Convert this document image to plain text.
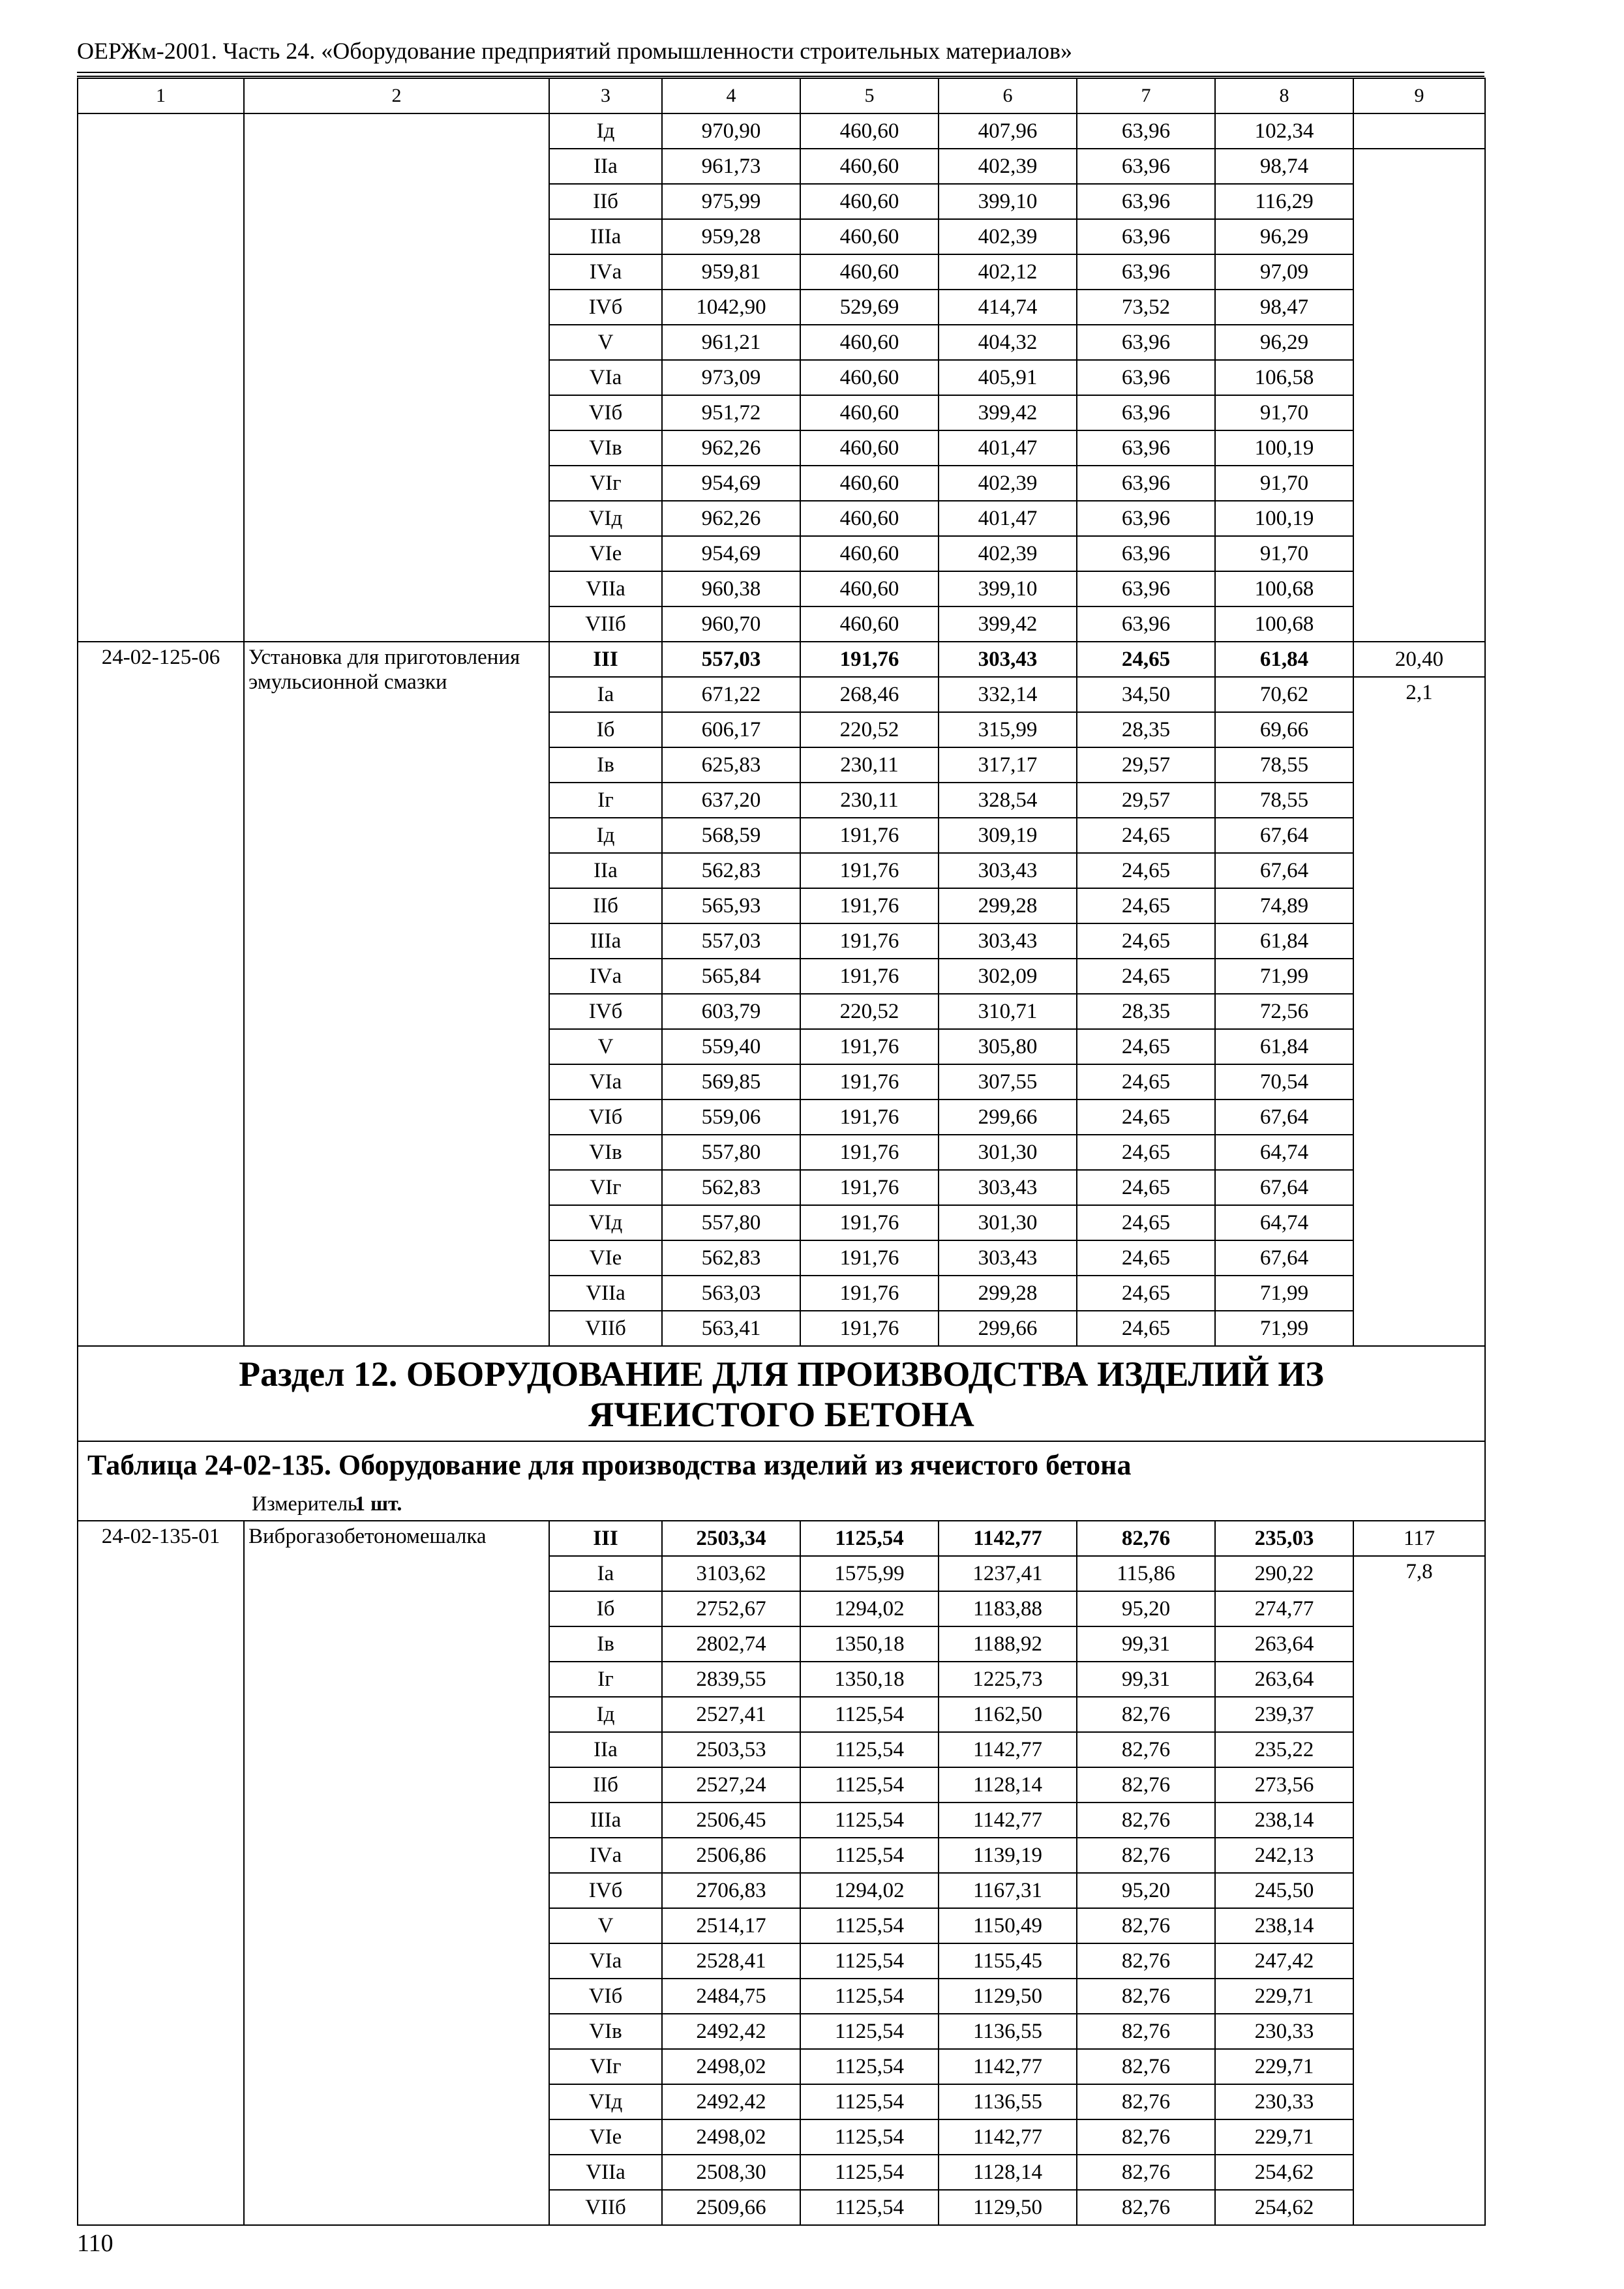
ОЕРЖм-2001. Часть 24. «Оборудование предприятий промышленности строительных материалов»
1	2	3	4	5	6	7	8	9
		Iд	970,90	460,60	407,96	63,96	102,34	
		IIа	961,73	460,60	402,39	63,96	98,74	
		IIб	975,99	460,60	399,10	63,96	116,29	
		IIIа	959,28	460,60	402,39	63,96	96,29	
		IVа	959,81	460,60	402,12	63,96	97,09	
		IVб	1042,90	529,69	414,74	73,52	98,47	
		V	961,21	460,60	404,32	63,96	96,29	
		VIа	973,09	460,60	405,91	63,96	106,58	
		VIб	951,72	460,60	399,42	63,96	91,70	
		VIв	962,26	460,60	401,47	63,96	100,19	
		VIг	954,69	460,60	402,39	63,96	91,70	
		VIд	962,26	460,60	401,47	63,96	100,19	
		VIе	954,69	460,60	402,39	63,96	91,70	
		VIIа	960,38	460,60	399,10	63,96	100,68	
		VIIб	960,70	460,60	399,42	63,96	100,68	
24-02-125-06	Установка для приготовления эмульсионной смазки	III	557,03	191,76	303,43	24,65	61,84	20,40
		Iа	671,22	268,46	332,14	34,50	70,62	2,1
		Iб	606,17	220,52	315,99	28,35	69,66	
		Iв	625,83	230,11	317,17	29,57	78,55	
		Iг	637,20	230,11	328,54	29,57	78,55	
		Iд	568,59	191,76	309,19	24,65	67,64	
		IIа	562,83	191,76	303,43	24,65	67,64	
		IIб	565,93	191,76	299,28	24,65	74,89	
		IIIа	557,03	191,76	303,43	24,65	61,84	
		IVа	565,84	191,76	302,09	24,65	71,99	
		IVб	603,79	220,52	310,71	28,35	72,56	
		V	559,40	191,76	305,80	24,65	61,84	
		VIа	569,85	191,76	307,55	24,65	70,54	
		VIб	559,06	191,76	299,66	24,65	67,64	
		VIв	557,80	191,76	301,30	24,65	64,74	
		VIг	562,83	191,76	303,43	24,65	67,64	
		VIд	557,80	191,76	301,30	24,65	64,74	
		VIе	562,83	191,76	303,43	24,65	67,64	
		VIIа	563,03	191,76	299,28	24,65	71,99	
		VIIб	563,41	191,76	299,66	24,65	71,99	

Раздел 12. ОБОРУДОВАНИЕ ДЛЯ ПРОИЗВОДСТВА ИЗДЕЛИЙ ИЗ
ЯЧЕИСТОГО БЕТОНА								

Таблица 24-02-135. Оборудование для производства изделий из ячеистого бетона								
Измеритель: 1 шт.								
24-02-135-01	Виброгазобетономешалка	III	2503,34	1125,54	1142,77	82,76	235,03	117
		Iа	3103,62	1575,99	1237,41	115,86	290,22	7,8
		Iб	2752,67	1294,02	1183,88	95,20	274,77	
		Iв	2802,74	1350,18	1188,92	99,31	263,64	
		Iг	2839,55	1350,18	1225,73	99,31	263,64	
		Iд	2527,41	1125,54	1162,50	82,76	239,37	
		IIа	2503,53	1125,54	1142,77	82,76	235,22	
		IIб	2527,24	1125,54	1128,14	82,76	273,56	
		IIIа	2506,45	1125,54	1142,77	82,76	238,14	
		IVа	2506,86	1125,54	1139,19	82,76	242,13	
		IVб	2706,83	1294,02	1167,31	95,20	245,50	
		V	2514,17	1125,54	1150,49	82,76	238,14	
		VIа	2528,41	1125,54	1155,45	82,76	247,42	
		VIб	2484,75	1125,54	1129,50	82,76	229,71	
		VIв	2492,42	1125,54	1136,55	82,76	230,33	
		VIг	2498,02	1125,54	1142,77	82,76	229,71	
		VIд	2492,42	1125,54	1136,55	82,76	230,33	
		VIе	2498,02	1125,54	1142,77	82,76	229,71	
		VIIа	2508,30	1125,54	1128,14	82,76	254,62	
		VIIб	2509,66	1125,54	1129,50	82,76	254,62	
110
